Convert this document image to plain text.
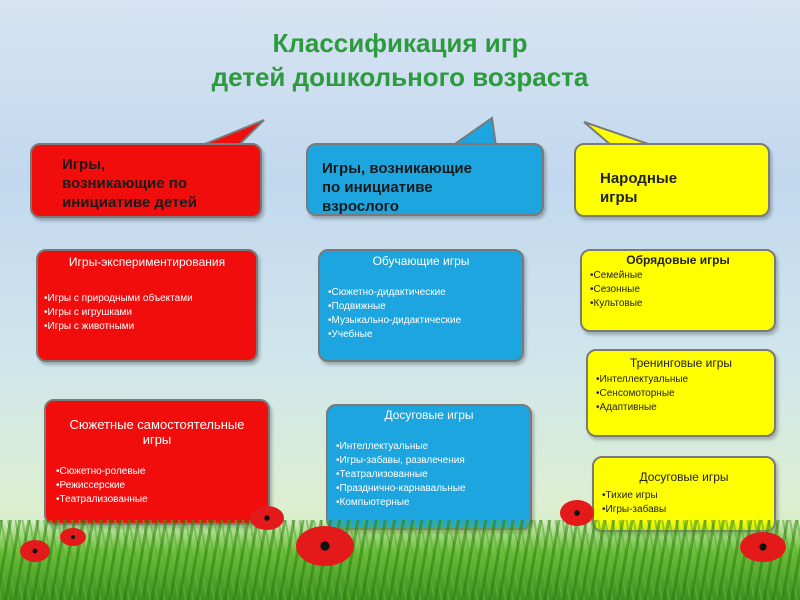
Классификация игр
детей дошкольного возраста
Игры,
возникающие по
инициативе детей
Игры, возникающие
по инициативе
взрослого
Народные
игры
Игры-экспериментирования
• Игры с природными объектами
• Игры с игрушками
• Игры с животными
Сюжетные самостоятельные игры
• Сюжетно-ролевые
• Режиссерские
• Театрализованные
Обучающие игры
• Сюжетно-дидактические
• Подвижные
• Музыкально-дидактические
• Учебные
Досуговые игры
• Интеллектуальные
• Игры-забавы, развлечения
• Театрализованные
• Празднично-карнавальные
• Компьютерные
Обрядовые игры
• Семейные
• Сезонные
• Культовые
Тренинговые игры
• Интеллектуальные
• Сенсомоторные
• Адаптивные
Досуговые игры
• Тихие игры
• Игры-забавы
